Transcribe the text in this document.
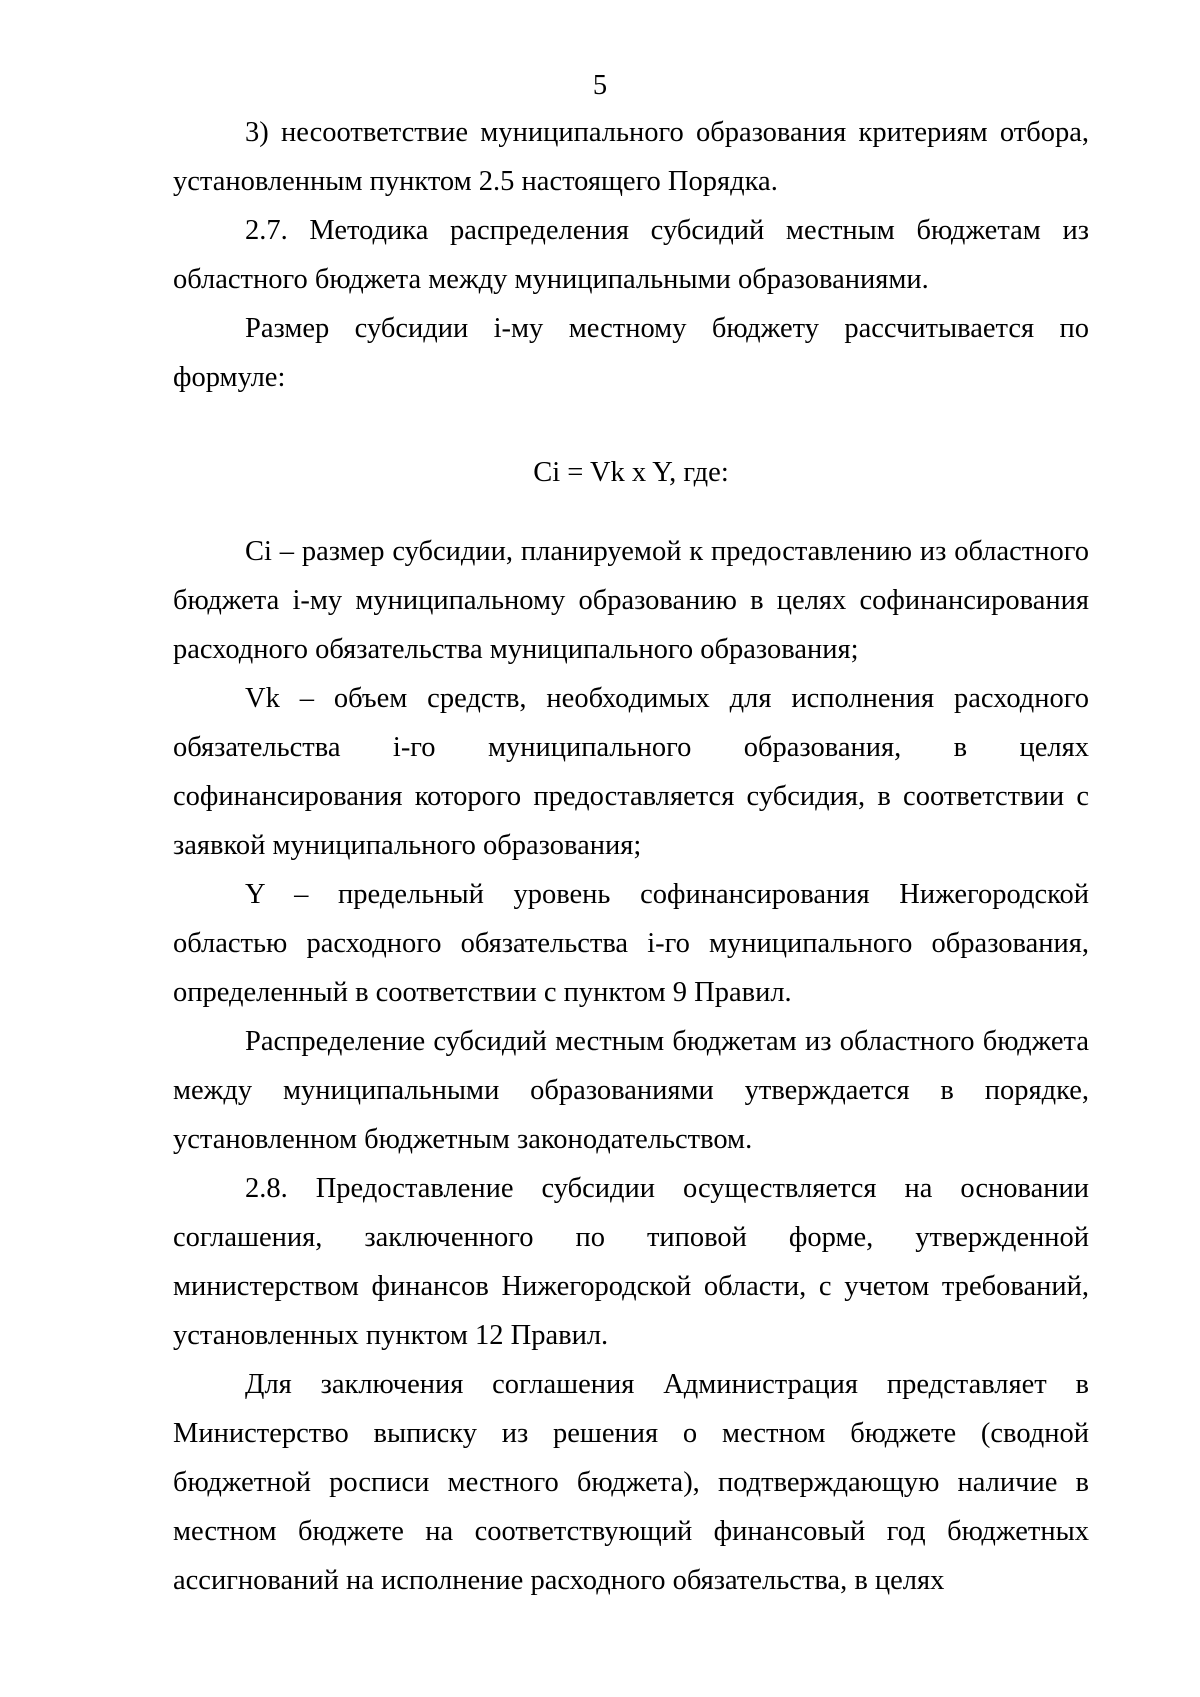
5

3) несоответствие муниципального образования критериям отбора, установленным пунктом 2.5 настоящего Порядка.

2.7. Методика распределения субсидий местным бюджетам из областного бюджета между муниципальными образованиями.

Размер субсидии i-му местному бюджету рассчитывается по формуле:

Ci = Vk x Y, где:

Ci – размер субсидии, планируемой к предоставлению из областного бюджета i-му муниципальному образованию в целях софинансирования расходного обязательства муниципального образования;

Vk – объем средств, необходимых для исполнения расходного обязательства i-го муниципального образования, в целях софинансирования которого предоставляется субсидия, в соответствии с заявкой муниципального образования;

Y – предельный уровень софинансирования Нижегородской областью расходного обязательства i-го муниципального образования, определенный в соответствии с пунктом 9 Правил.

Распределение субсидий местным бюджетам из областного бюджета между муниципальными образованиями утверждается в порядке, установленном бюджетным законодательством.

2.8. Предоставление субсидии осуществляется на основании соглашения, заключенного по типовой форме, утвержденной министерством финансов Нижегородской области, с учетом требований, установленных пунктом 12 Правил.

Для заключения соглашения Администрация представляет в Министерство выписку из решения о местном бюджете (сводной бюджетной росписи местного бюджета), подтверждающую наличие в местном бюджете на соответствующий финансовый год бюджетных ассигнований на исполнение расходного обязательства, в целях
